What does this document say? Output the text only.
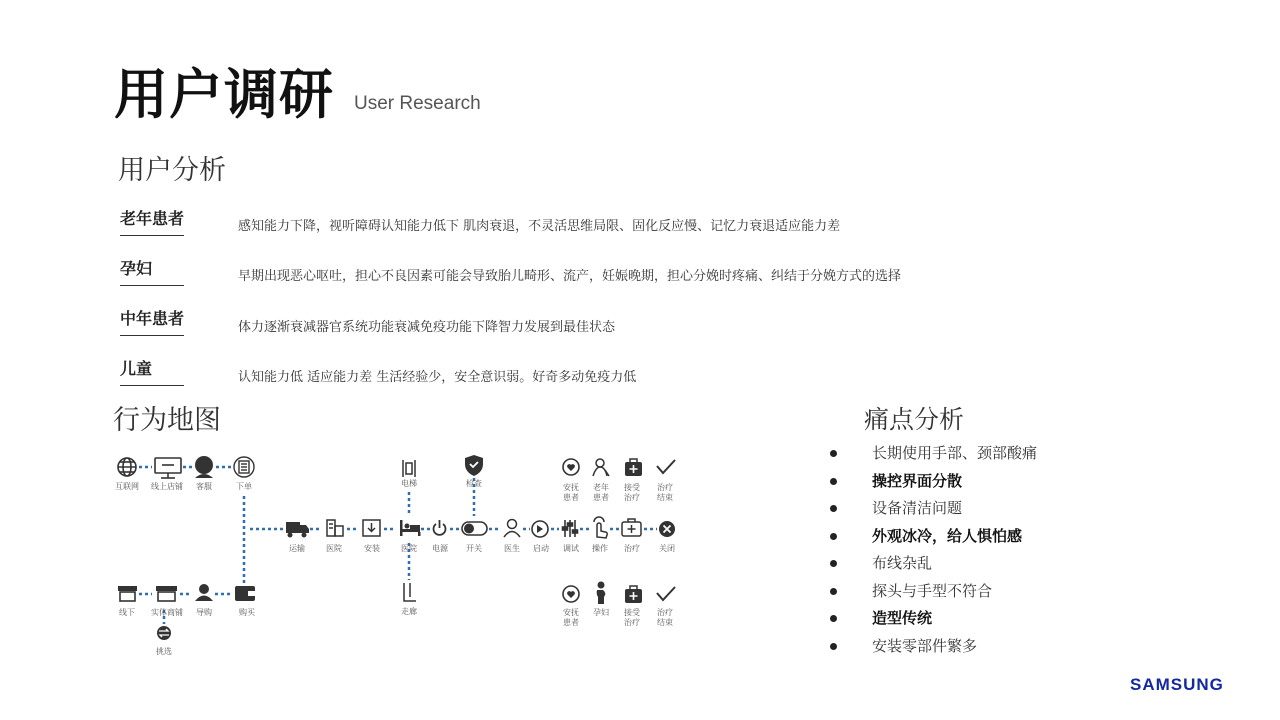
用户调研 User Research
用户分析
老年患者	感知能力下降，视听障碍认知能力低下 肌肉衰退，不灵活思维局限、固化反应慢、记忆力衰退适应能力差
孕妇	早期出现恶心呕吐，担心不良因素可能会导致胎儿畸形、流产，妊娠晚期，担心分娩时疼痛、纠结于分娩方式的选择
中年患者	体力逐渐衰减器官系统功能衰减免疫功能下降智力发展到最佳状态
儿童	认知能力低 适应能力差 生活经验少，安全意识弱。好奇多动免疫力低
行为地图
互联网 线上店铺 客服	下单
线下 实体商铺 导购	购买
挑选
运输	医院	安装	医院 电源 开关	医生 启动 调试 操作 治疗 关闭
电梯
走廊
检查	安抚
患者
老年
患者
接受
治疗
治疗
结束
安抚
患者
孕妇 接受
治疗
治疗
结束
痛点分析
长期使用手部、颈部酸痛
操控界面分散
设备清洁问题
外观冰冷，给人惧怕感
布线杂乱
探头与手型不符合
造型传统
安装零部件繁多
SAMSUNG
